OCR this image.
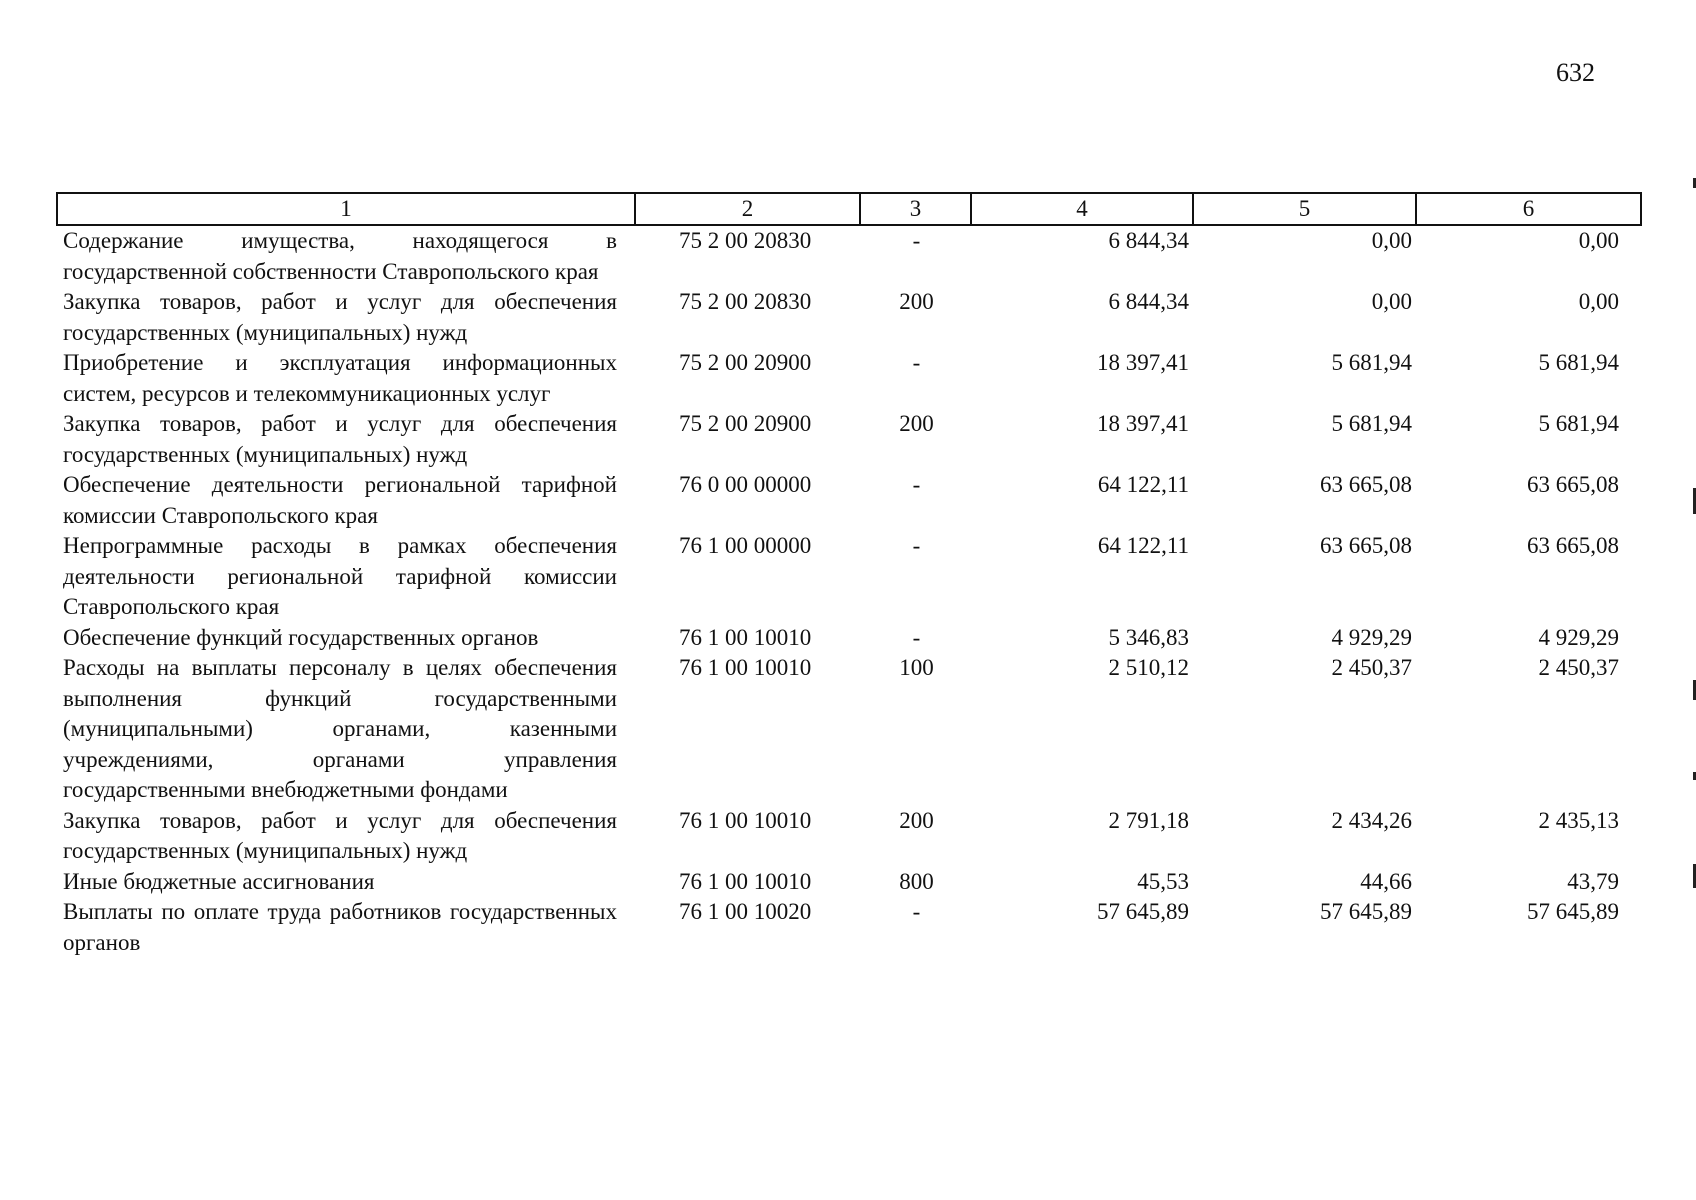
632
1	2	3	4	5	6
Содержание имущества, находящегося в государственной собственности Ставропольского края	75 2 00 20830	-	6 844,34	0,00	0,00
Закупка товаров, работ и услуг для обеспечения государственных (муниципальных) нужд	75 2 00 20830	200	6 844,34	0,00	0,00
Приобретение и эксплуатация информационных систем, ресурсов и телекоммуникационных услуг	75 2 00 20900	-	18 397,41	5 681,94	5 681,94
Закупка товаров, работ и услуг для обеспечения государственных (муниципальных) нужд	75 2 00 20900	200	18 397,41	5 681,94	5 681,94
Обеспечение деятельности региональной тарифной комиссии Ставропольского края	76 0 00 00000	-	64 122,11	63 665,08	63 665,08
Непрограммные расходы в рамках обеспечения деятельности региональной тарифной комиссии Ставропольского края	76 1 00 00000	-	64 122,11	63 665,08	63 665,08
Обеспечение функций государственных органов	76 1 00 10010	-	5 346,83	4 929,29	4 929,29
Расходы на выплаты персоналу в целях обеспечения выполнения функций государственными (муниципальными) органами, казенными учреждениями, органами управления государственными внебюджетными фондами	76 1 00 10010	100	2 510,12	2 450,37	2 450,37
Закупка товаров, работ и услуг для обеспечения государственных (муниципальных) нужд	76 1 00 10010	200	2 791,18	2 434,26	2 435,13
Иные бюджетные ассигнования	76 1 00 10010	800	45,53	44,66	43,79
Выплаты по оплате труда работников государственных органов	76 1 00 10020	-	57 645,89	57 645,89	57 645,89
